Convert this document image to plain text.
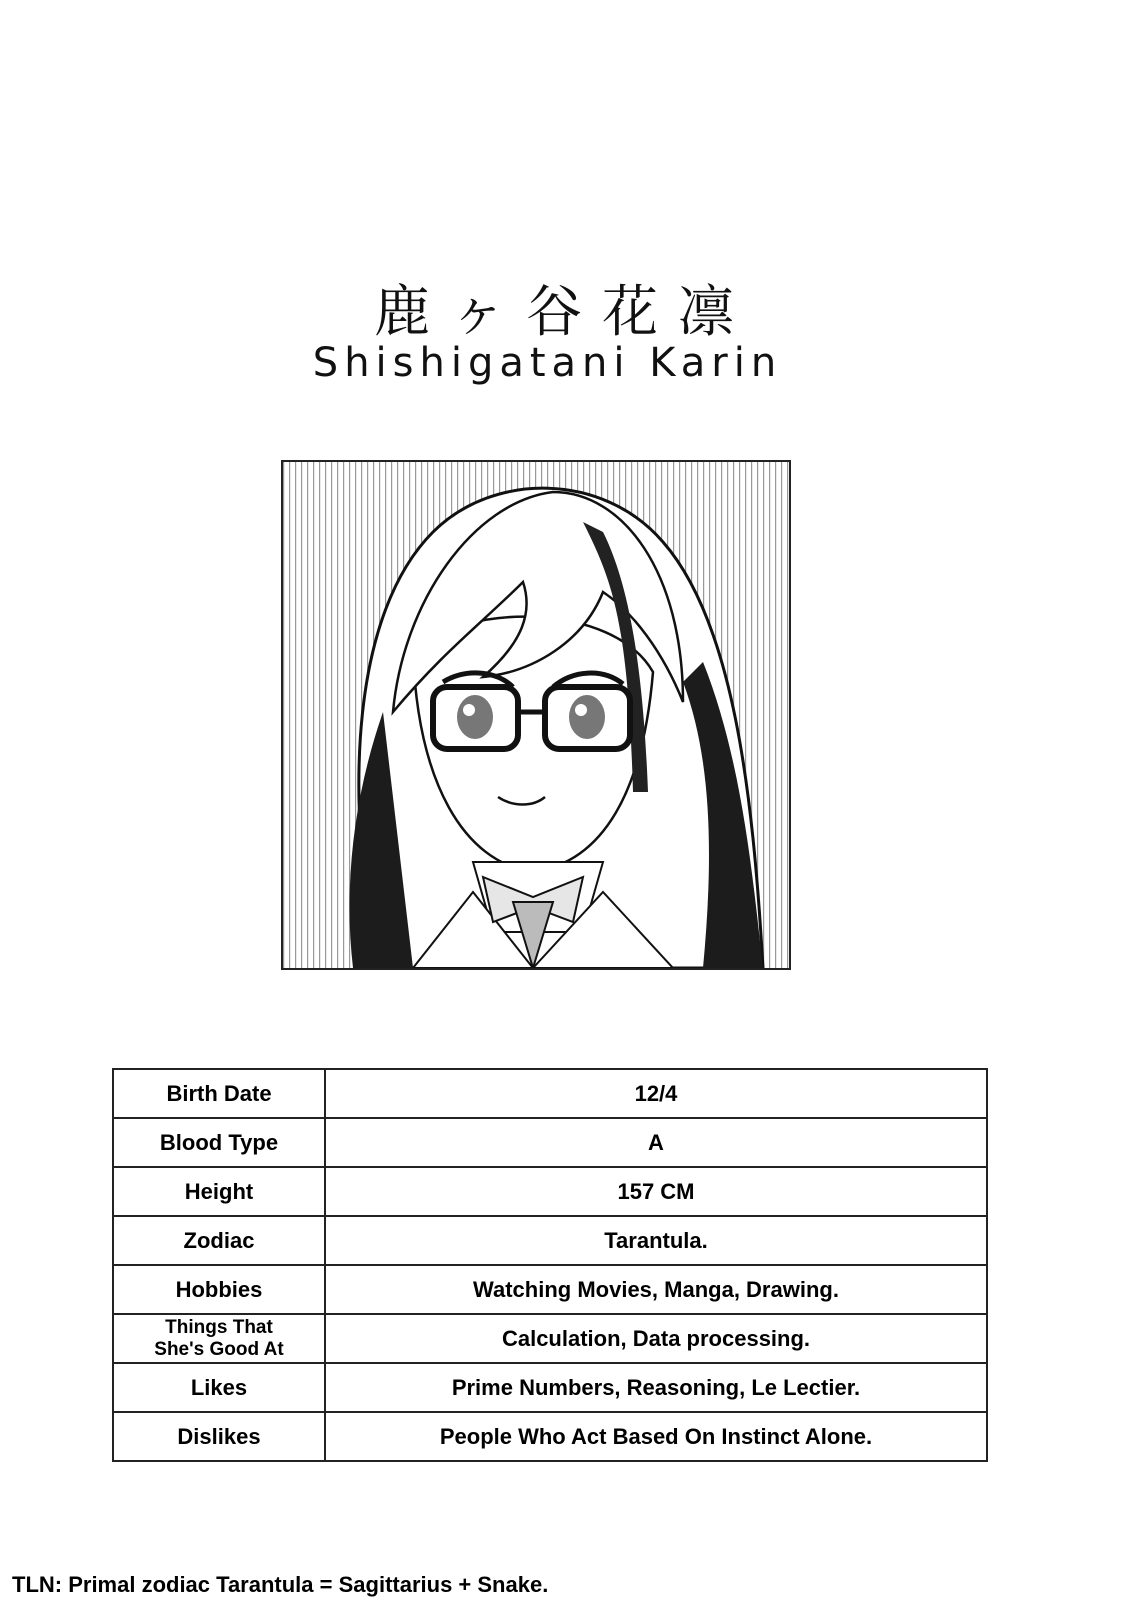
鹿ヶ谷花凛
Shishigatani Karin
Birth Date	12/4
Blood Type	A
Height	157 CM
Zodiac	Tarantula.
Hobbies	Watching Movies, Manga, Drawing.

Things That
She's Good At	Calculation, Data processing.
Likes	Prime Numbers, Reasoning, Le Lectier.
Dislikes	People Who Act Based On Instinct Alone.
TLN: Primal zodiac Tarantula = Sagittarius + Snake.
